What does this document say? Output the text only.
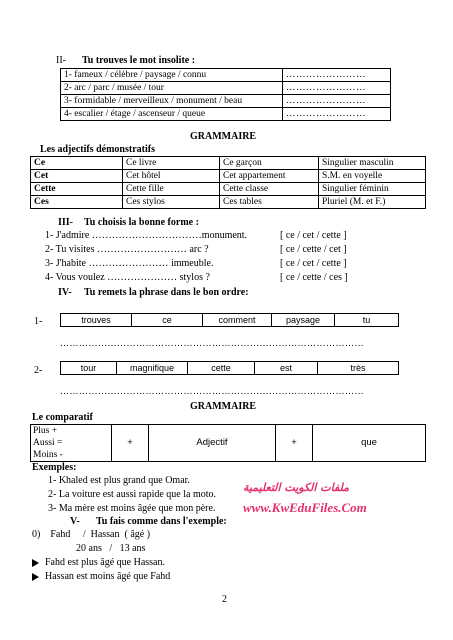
II- Tu trouves le mot insolite :
1- fameux / célèbre / paysage / connu	……………………
2- arc / parc / musée / tour	……………………
3- formidable / merveilleux / monument / beau	……………………
4- escalier / étage / ascenseur / queue	……………………
GRAMMAIRE
Les adjectifs démonstratifs
Ce	Ce livre	Ce garçon	Singulier masculin
Cet	Cet hôtel	Cet appartement	S.M. en voyelle
Cette	Cette fille	Cette classe	Singulier féminin
Ces	Ces stylos	Ces tables	Pluriel (M. et F.)
III- Tu choisis la bonne forme :
1- J'admire ……………………………monument.	[ ce / cet / cette ]
2- Tu visites ……………………… arc ?	[ ce / cette / cet ]
3- J'habite …………………… immeuble.	[ ce / cet / cette ]
4- Vous voulez ………………… stylos ?	[ ce / cette / ces ]
IV- Tu remets la phrase dans le bon ordre:
1-	trouves	ce	comment	paysage	tu
……………………………………………………………………………………
2-	tour	magnifique	cette	est	très
……………………………………………………………………………………
GRAMMAIRE
Le comparatif
Plus +
Aussi =
Moins -
	+	Adjectif	+	que
Exemples:
1- Khaled est plus grand que Omar.
2- La voiture est aussi rapide que la moto.
3- Ma mère est moins âgée que mon père.
ملفات الكويت التعليمية
www.KwEduFiles.Com
V- Tu fais comme dans l'exemple:
0)    Fahd     /  Hassan  ( âgé )
20 ans   /   13 ans
Fahd est plus âgé que Hassan.
Hassan est moins âgé que Fahd
2
